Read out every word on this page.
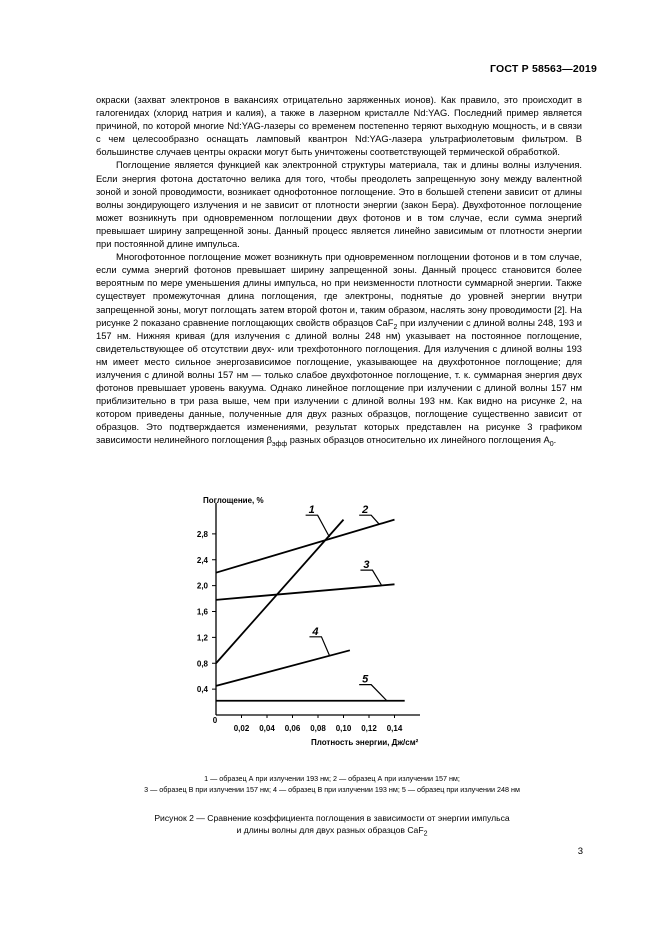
ГОСТ Р 58563—2019

окраски (захват электронов в вакансиях отрицательно заряженных ионов). Как правило, это происходит в галогенидах (хлорид натрия и калия), а также в лазерном кристалле Nd:YAG. Последний пример является причиной, по которой многие Nd:YAG-лазеры со временем постепенно теряют выходную мощность, и в связи с чем целесообразно оснащать ламповый квантрон Nd:YAG-лазера ультрафиолетовым фильтром. В большинстве случаев центры окраски могут быть уничтожены соответствующей термической обработкой.

Поглощение является функцией как электронной структуры материала, так и длины волны излучения. Если энергия фотона достаточно велика для того, чтобы преодолеть запрещенную зону между валентной зоной и зоной проводимости, возникает однофотонное поглощение. Это в большей степени зависит от длины волны зондирующего излучения и не зависит от плотности энергии (закон Бера). Двухфотонное поглощение может возникнуть при одновременном поглощении двух фотонов и в том случае, если сумма энергий превышает ширину запрещенной зоны. Данный процесс является линейно зависимым от плотности энергии при постоянной длине импульса.

Многофотонное поглощение может возникнуть при одновременном поглощении фотонов и в том случае, если сумма энергий фотонов превышает ширину запрещенной зоны. Данный процесс становится более вероятным по мере уменьшения длины импульса, но при неизменности плотности суммарной энергии. Также существует промежуточная длина поглощения, где электроны, поднятые до уровней энергии внутри запрещенной зоны, могут поглощать затем второй фотон и, таким образом, наслять зону проводимости [2]. На рисунке 2 показано сравнение поглощающих свойств образцов CaF$_2$ при излучении с длиной волны 248, 193 и 157 нм. Нижняя кривая (для излучения с длиной волны 248 нм) указывает на постоянное поглощение, свидетельствующее об отсутствии двух- или трехфотонного поглощения. Для излучения с длиной волны 193 нм имеет место сильное энергозависимое поглощение, указывающее на двухфотонное поглощение; для излучения с длиной волны 157 нм — только слабое двухфотонное поглощение, т. к. суммарная энергия двух фотонов превышает уровень вакуума. Однако линейное поглощение при излучении с длиной волны 157 нм приблизительно в три раза выше, чем при излучении с длиной волны 193 нм. Как видно на рисунке 2, на котором приведены данные, полученные для двух разных образцов, поглощение существенно зависит от образцов. Это подтверждается изменениями, результат которых представлен на рисунке 3 графиком зависимости нелинейного поглощения $\beta_{эфф}$ разных образцов относительно их линейного поглощения $A_0$.

0,4
0,8
1,2
1,6
2,0
2,4
2,8
0,02 0,04 0,06 0,08 0,10 0,12 0,14
0
Поглощение, %
Плотность энергии, Дж/см²
1	2
3
4
5
1 — образец А при излучении 193 нм; 2 — образец А при излучении 157 нм;
3 — образец В при излучении 157 нм; 4 — образец В при излучении 193 нм; 5 — образец при излучении 248 нм
Рисунок 2 — Сравнение коэффициента поглощения в зависимости от энергии импульса
и длины волны для двух разных образцов CaF$_2$
3
